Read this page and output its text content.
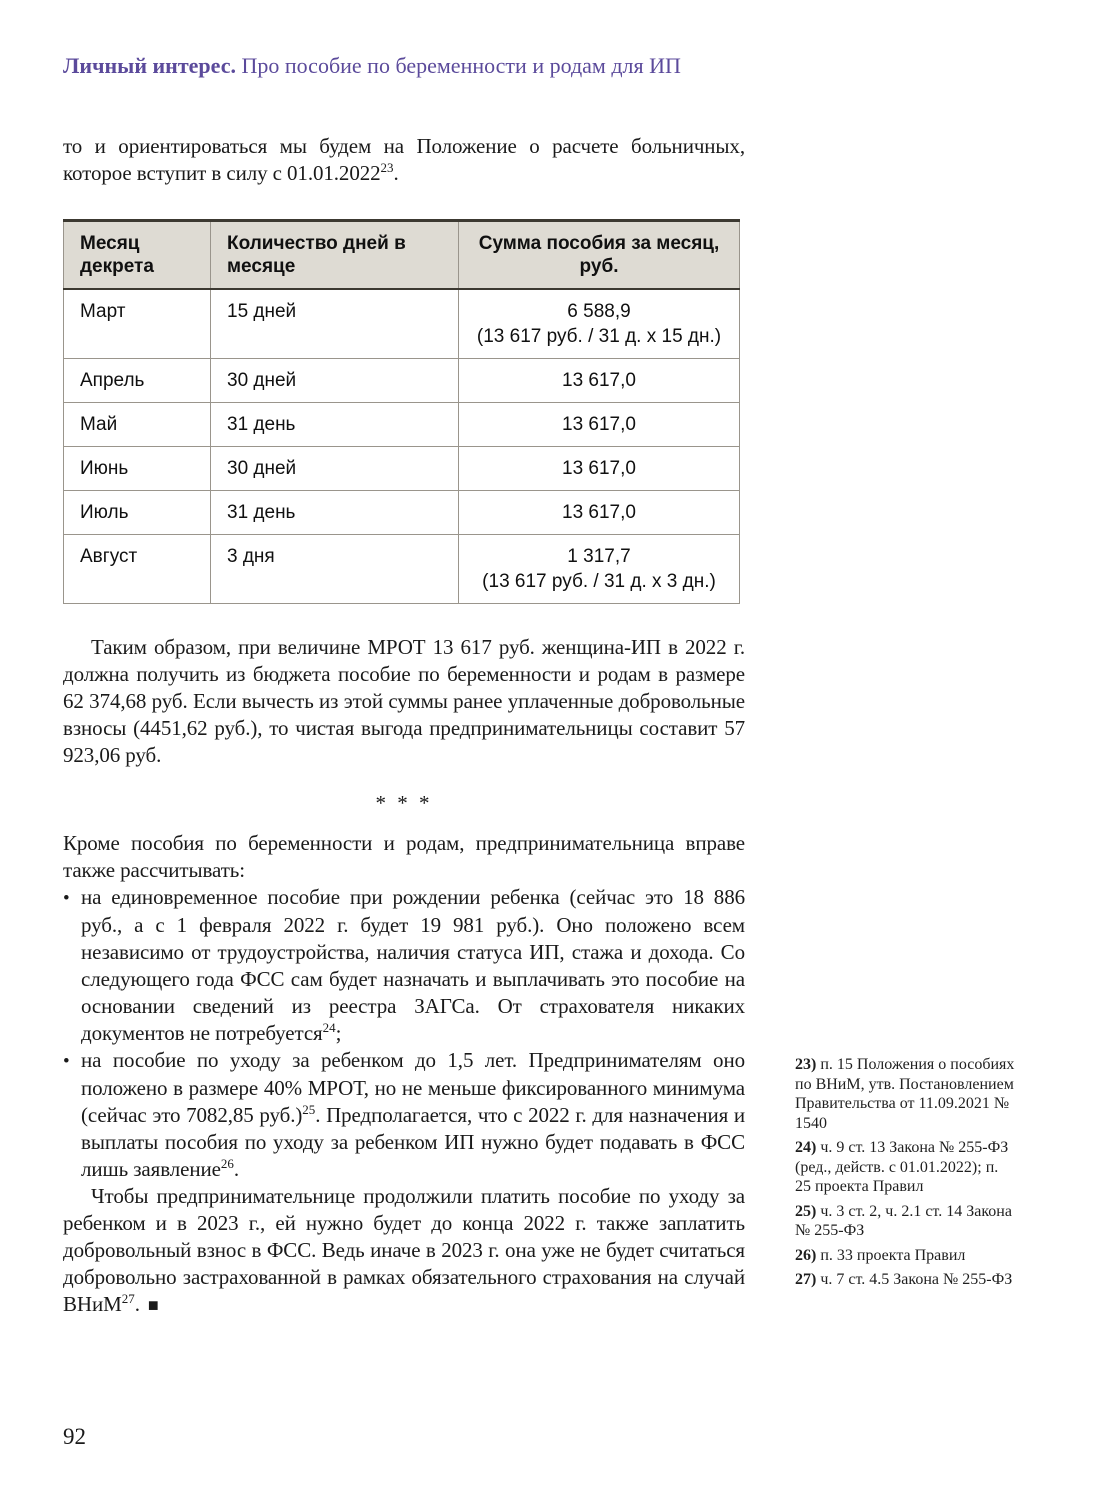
Личный интерес. Про пособие по беременности и родам для ИП

то и ориентироваться мы будем на Положение о расчете больничных, которое вступит в силу с 01.01.2022$^{23}$.

Месяц декрета	Количество дней в месяце	Сумма пособия за месяц, руб.
Март	15 дней	6 588,9
(13 617 руб. / 31 д. x 15 дн.)

Апрель	30 дней	13 617,0

Май	31 день	13 617,0

Июнь	30 дней	13 617,0

Июль	31 день	13 617,0

Август	3 дня	1 317,7
(13 617 руб. / 31 д. x 3 дн.)

Таким образом, при величине МРОТ 13 617 руб. женщина-ИП в 2022 г. должна получить из бюджета пособие по беременности и родам в размере 62 374,68 руб. Если вычесть из этой суммы ранее уплаченные добровольные взносы (4451,62 руб.), то чистая выгода предпринимательницы составит 57 923,06 руб.

* * *

Кроме пособия по беременности и родам, предпринимательница вправе также рассчитывать:

• на единовременное пособие при рождении ребенка (сейчас это 18 886 руб., а с 1 февраля 2022 г. будет 19 981 руб.). Оно положено всем независимо от трудоустройства, наличия статуса ИП, стажа и дохода. Со следующего года ФСС сам будет назначать и выплачивать это пособие на основании сведений из реестра ЗАГСа. От страхователя никаких документов не потребуется$^{24}$;
• на пособие по уходу за ребенком до 1,5 лет. Предпринимателям оно положено в размере 40% МРОТ, но не меньше фиксированного минимума (сейчас это 7082,85 руб.)$^{25}$. Предполагается, что с 2022 г. для назначения и выплаты пособия по уходу за ребенком ИП нужно будет подавать в ФСС лишь заявление$^{26}$.

Чтобы предпринимательнице продолжили платить пособие по уходу за ребенком и в 2023 г., ей нужно будет до конца 2022 г. также заплатить добровольный взнос в ФСС. Ведь иначе в 2023 г. она уже не будет считаться добровольно застрахованной в рамках обязательного страхования на случай ВНиМ$^{27}$. ■

23) п. 15 Положения о пособиях по ВНиМ, утв. Постановлением Правительства от 11.09.2021 № 1540
24) ч. 9 ст. 13 Закона № 255-ФЗ (ред., действ. с 01.01.2022); п. 25 проекта Правил
25) ч. 3 ст. 2, ч. 2.1 ст. 14 Закона № 255-ФЗ
26) п. 33 проекта Правил
27) ч. 7 ст. 4.5 Закона № 255-ФЗ
92
